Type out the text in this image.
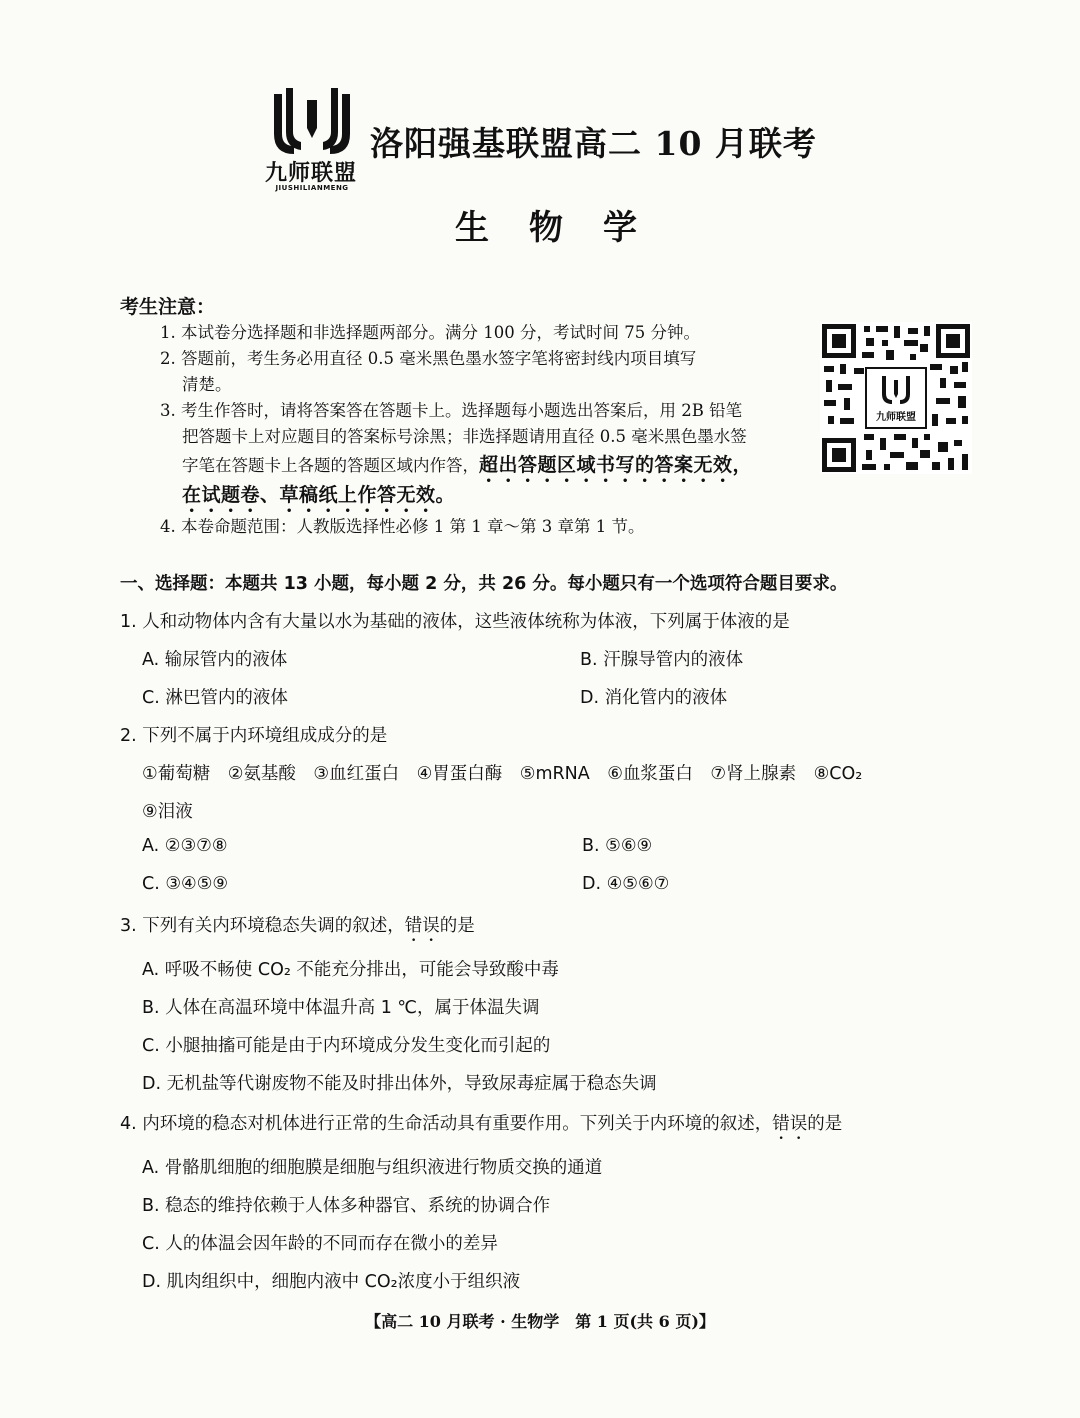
九师联盟
JIUSHILIANMENG
洛阳强基联盟高二 10 月联考
生物学
考生注意：
1. 本试卷分选择题和非选择题两部分。满分 100 分，考试时间 75 分钟。
2. 答题前，考生务必用直径 0.5 毫米黑色墨水签字笔将密封线内项目填写
清楚。
3. 考生作答时，请将答案答在答题卡上。选择题每小题选出答案后，用 2B 铅笔
把答题卡上对应题目的答案标号涂黑；非选择题请用直径 0.5 毫米黑色墨水签
字笔在答题卡上各题的答题区域内作答，超出答题区域书写的答案无效，
在试题卷、草稿纸上作答无效。
4. 本卷命题范围：人教版选择性必修 1 第 1 章～第 3 章第 1 节。
九师联盟
一、选择题：本题共 13 小题，每小题 2 分，共 26 分。每小题只有一个选项符合题目要求。
1. 人和动物体内含有大量以水为基础的液体，这些液体统称为体液，下列属于体液的是
A. 输尿管内的液体	B. 汗腺导管内的液体
C. 淋巴管内的液体	D. 消化管内的液体
2. 下列不属于内环境组成成分的是
①葡萄糖　②氨基酸　③血红蛋白　④胃蛋白酶　⑤mRNA　⑥血浆蛋白　⑦肾上腺素　⑧CO₂
⑨泪液
A. ②③⑦⑧	B. ⑤⑥⑨
C. ③④⑤⑨	D. ④⑤⑥⑦
3. 下列有关内环境稳态失调的叙述，错误的是
A. 呼吸不畅使 CO₂ 不能充分排出，可能会导致酸中毒
B. 人体在高温环境中体温升高 1 ℃，属于体温失调
C. 小腿抽搐可能是由于内环境成分发生变化而引起的
D. 无机盐等代谢废物不能及时排出体外，导致尿毒症属于稳态失调
4. 内环境的稳态对机体进行正常的生命活动具有重要作用。下列关于内环境的叙述，错误的是
A. 骨骼肌细胞的细胞膜是细胞与组织液进行物质交换的通道
B. 稳态的维持依赖于人体多种器官、系统的协调合作
C. 人的体温会因年龄的不同而存在微小的差异
D. 肌肉组织中，细胞内液中 CO₂浓度小于组织液
【高二 10 月联考 · 生物学　第 1 页(共 6 页)】
